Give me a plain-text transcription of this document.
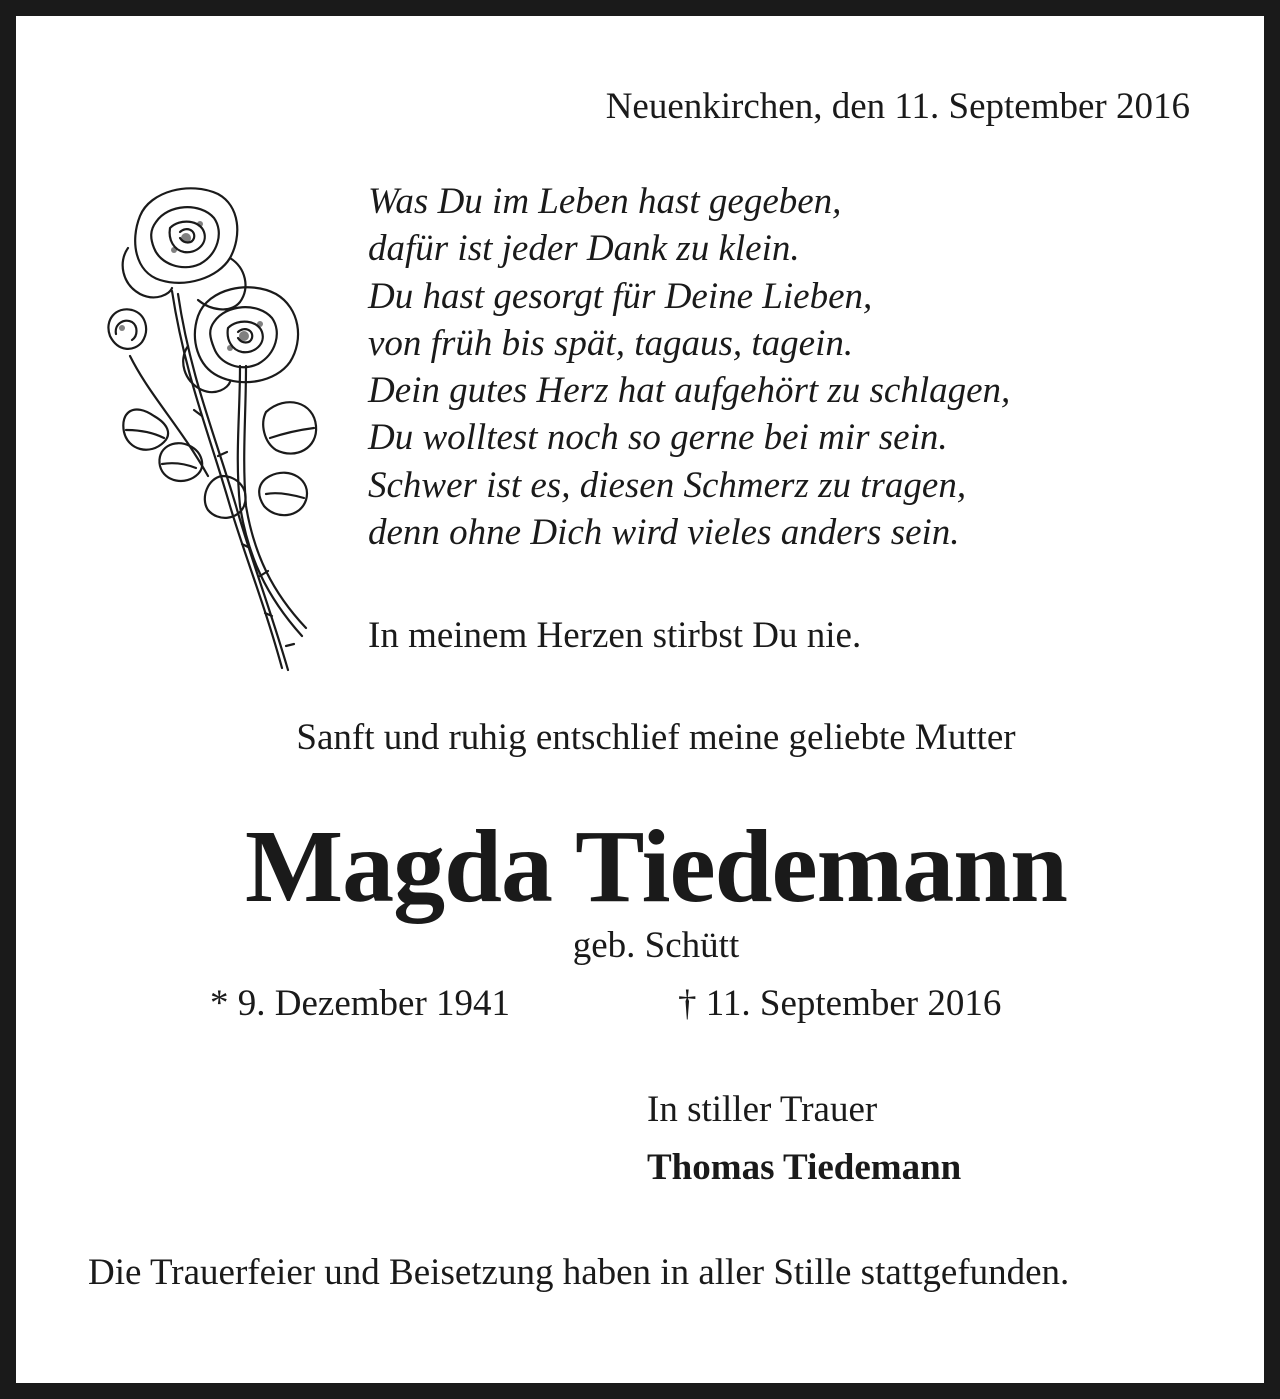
Neuenkirchen, den 11. September 2016
Was Du im Leben hast gegeben,
dafür ist jeder Dank zu klein.
Du hast gesorgt für Deine Lieben,
von früh bis spät, tagaus, tagein.
Dein gutes Herz hat aufgehört zu schlagen,
Du wolltest noch so gerne bei mir sein.
Schwer ist es, diesen Schmerz zu tragen,
denn ohne Dich wird vieles anders sein.
In meinem Herzen stirbst Du nie.
Sanft und ruhig entschlief meine geliebte Mutter
Magda Tiedemann
geb. Schütt
* 9. Dezember 1941	† 11. September 2016
In stiller Trauer
Thomas Tiedemann

Die Trauerfeier und Beisetzung haben in aller Stille stattgefunden.
